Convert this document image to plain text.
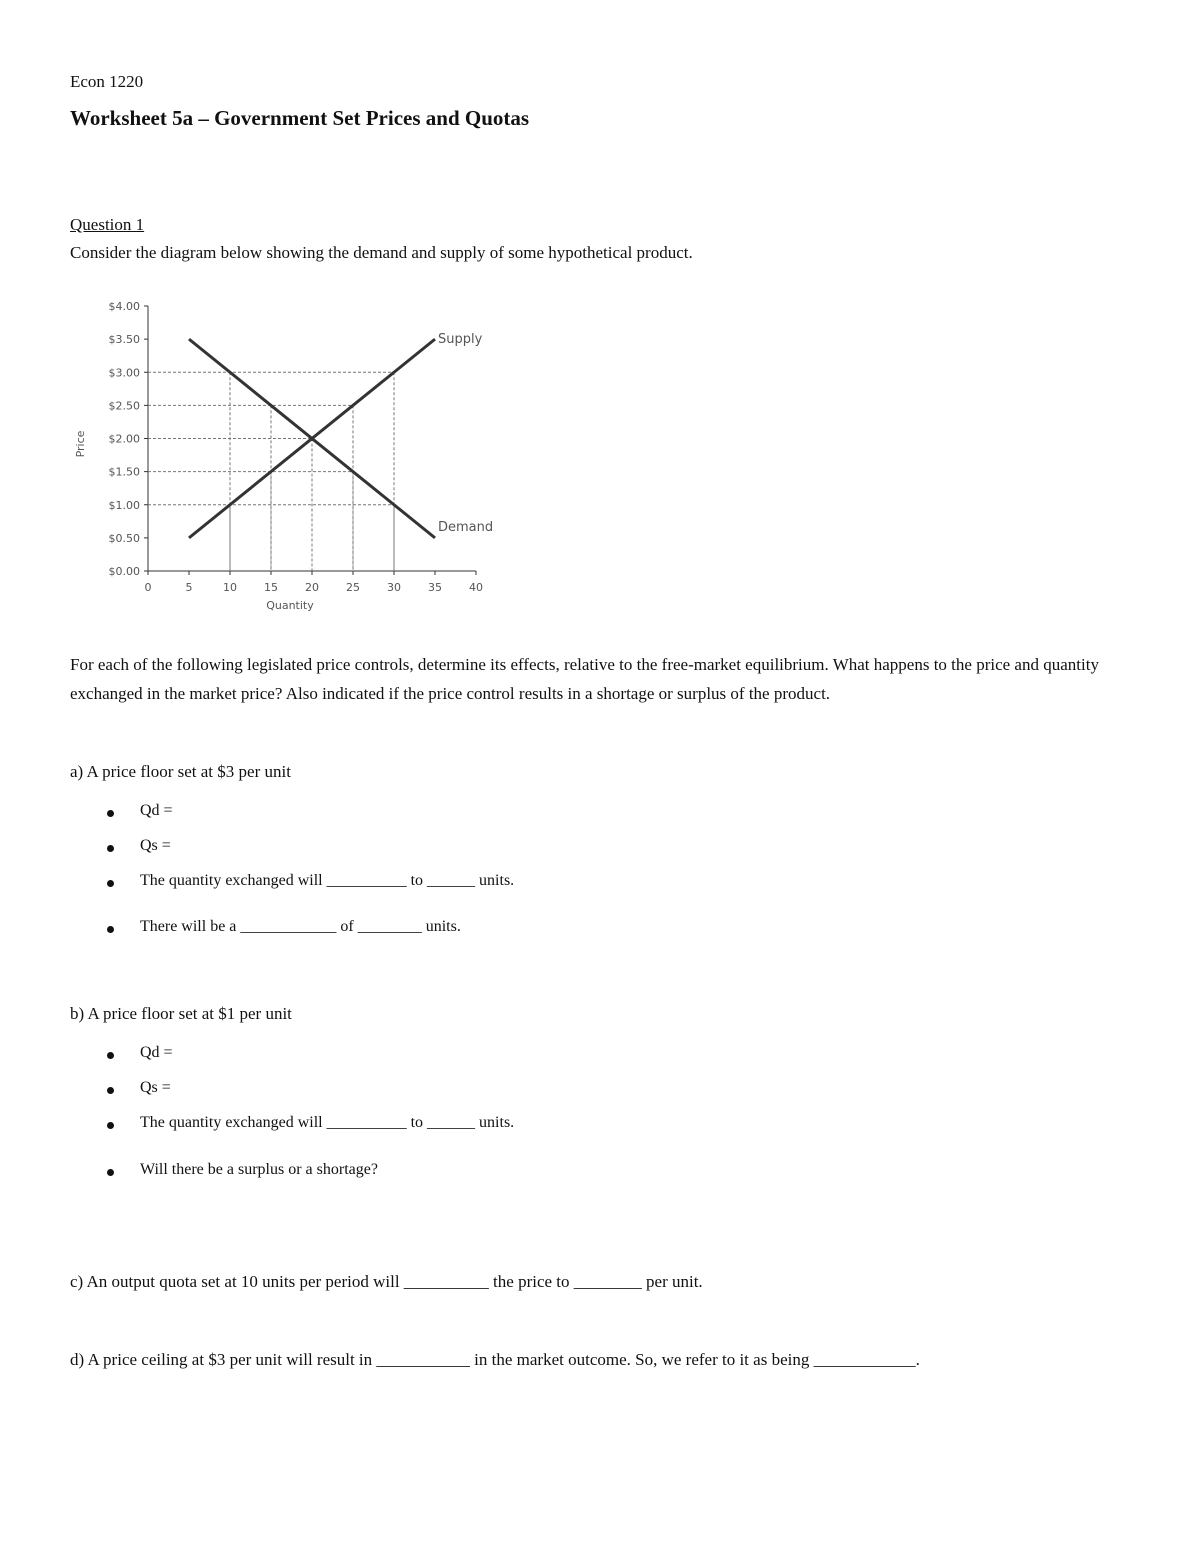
Econ 1220

Worksheet 5a – Government Set Prices and Quotas

Question 1

Consider the diagram below showing the demand and supply of some hypothetical product.

$0.00
$0.50
$1.00
$1.50
$2.00
$2.50
$3.00
$3.50
$4.00
0	5	10 15 20 25 30 35 40
Quantity
Price
Supply
Demand

For each of the following legislated price controls, determine its effects, relative to the free-market equilibrium. What happens to the price and quantity exchanged in the market price? Also indicated if the price control results in a shortage or surplus of the product.

a) A price floor set at $3 per unit

Qd =
Qs =
The quantity exchanged will __________ to ______ units.
There will be a ____________ of ________ units.

b) A price floor set at $1 per unit

Qd =
Qs =
The quantity exchanged will __________ to ______ units.
Will there be a surplus or a shortage?

c) An output quota set at 10 units per period will __________ the price to ________ per unit.

d) A price ceiling at $3 per unit will result in ___________ in the market outcome. So, we refer to it as being ____________.
